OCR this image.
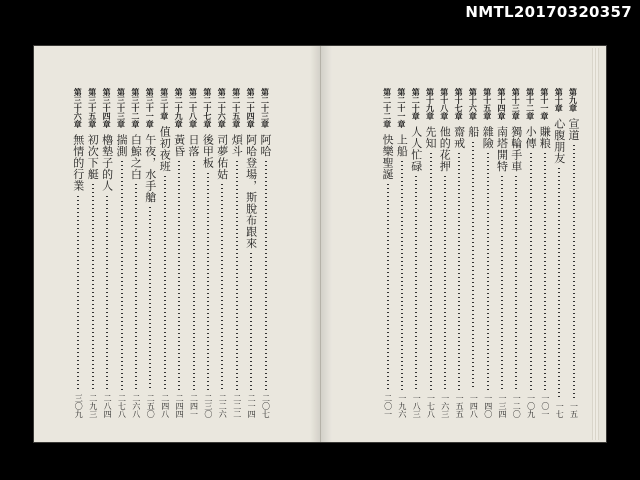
NMTL20170320357
第二十三章
阿哈
二〇七
第二十四章
阿哈登場，斯脫布跟來
二一四
第二十五章
煩斗
二二二
第二十六章
司夢佑姑
二二六
第二十七章
後甲板
二三〇
第二十八章
日落
二四一
第二十九章
黃昏
二四四
第三十章
值初夜班
二四八
第三十一章
午夜，水手艙
二五〇
第三十二章
白鯨之白
二六八
第三十三章
揣測
二七八
第三十四章
櫓墊子的人
二八四
第三十五章
初次下艇
二九三
第三十六章
無情的行業
三〇九
第九章
宣道
一五
第十章
心腹朋友
一七
第十一章
賺粮
一〇一
第十二章
小傳
一〇九
第十三章
獨輪手車
一二〇
第十四章
南塔開特
一三四
第十五章
雜險
一四〇
第十六章
船
一四八
第十七章
齋戒
一五五
第十八章
他的花押
一六三
第十九章
先知
一七八
第二十章
人人忙碌
一八三
第二十一章
上船
一九六
第二十二章
快樂聖誕
二〇一
